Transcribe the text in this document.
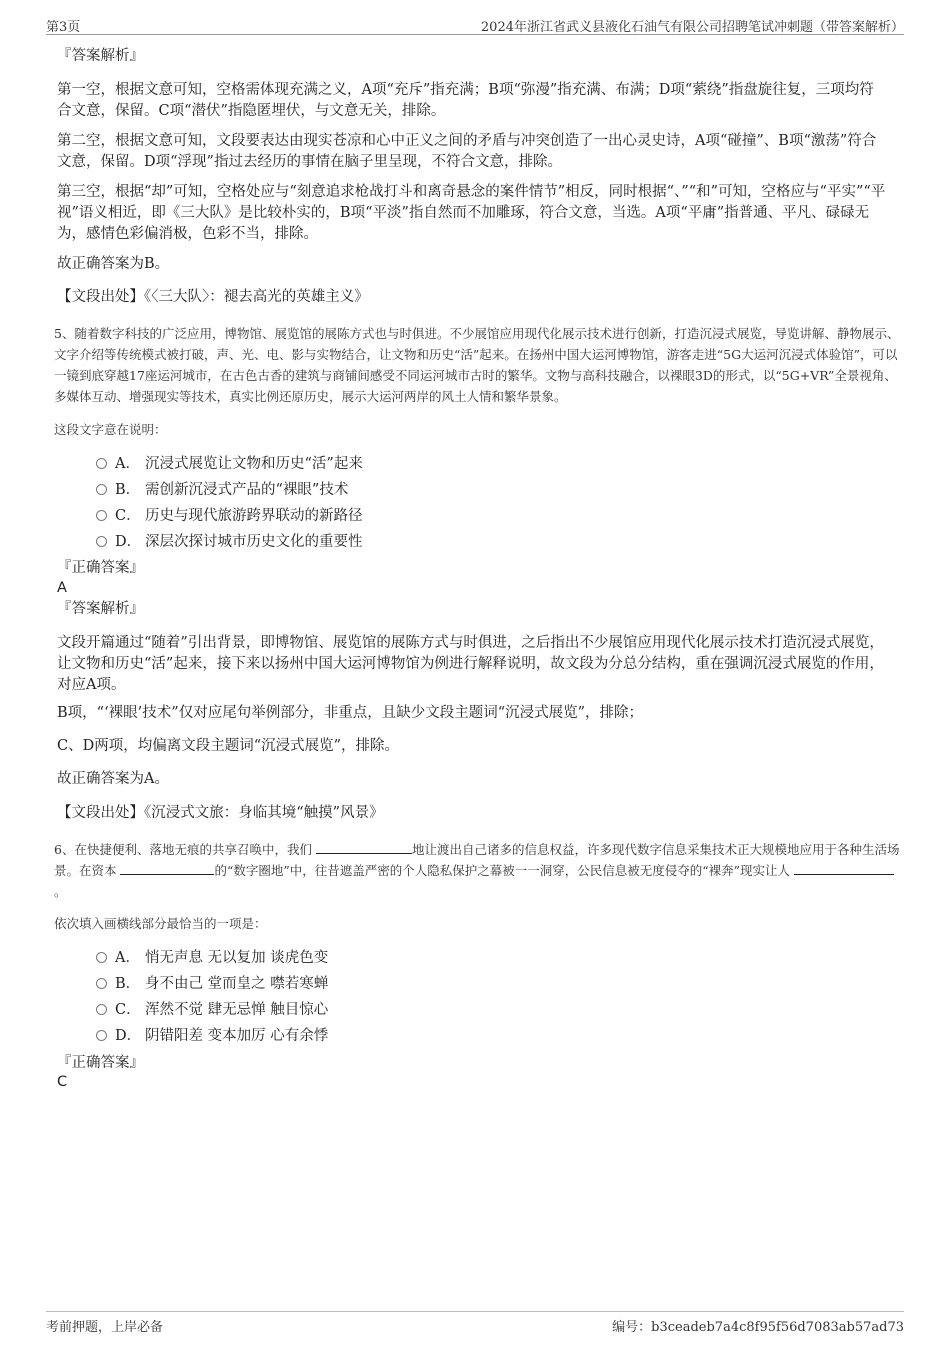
第3页	2024年浙江省武义县液化石油气有限公司招聘笔试冲刺题（带答案解析）
『答案解析』
第一空，根据文意可知，空格需体现充满之义，A项“充斥”指充满；B项“弥漫”指充满、布满；D项“萦绕”指盘旋往复，三项均符合文意，保留。C项“潜伏”指隐匿埋伏，与文意无关，排除。
第二空，根据文意可知，文段要表达由现实苍凉和心中正义之间的矛盾与冲突创造了一出心灵史诗，A项“碰撞”、B项“激荡”符合文意，保留。D项“浮现”指过去经历的事情在脑子里呈现，不符合文意，排除。
第三空，根据“却”可知，空格处应与“刻意追求枪战打斗和离奇悬念的案件情节”相反，同时根据“、”“和”可知，空格应与“平实”“平视”语义相近，即《三大队》是比较朴实的，B项“平淡”指自然而不加雕琢，符合文意，当选。A项“平庸”指普通、平凡、碌碌无为，感情色彩偏消极，色彩不当，排除。
故正确答案为B。
【文段出处】《〈三大队〉：褪去高光的英雄主义》
5、随着数字科技的广泛应用，博物馆、展览馆的展陈方式也与时俱进。不少展馆应用现代化展示技术进行创新，打造沉浸式展览，导览讲解、静物展示、文字介绍等传统模式被打破，声、光、电、影与实物结合，让文物和历史“活”起来。在扬州中国大运河博物馆，游客走进“5G大运河沉浸式体验馆”，可以一镜到底穿越17座运河城市，在古色古香的建筑与商铺间感受不同运河城市古时的繁华。文物与高科技融合，以裸眼3D的形式，以“5G+VR”全景视角、多媒体互动、增强现实等技术，真实比例还原历史，展示大运河两岸的风土人情和繁华景象。
这段文字意在说明：
A． 沉浸式展览让文物和历史“活”起来
B． 需创新沉浸式产品的“裸眼”技术
C． 历史与现代旅游跨界联动的新路径
D． 深层次探讨城市历史文化的重要性
『正确答案』
A
『答案解析』
文段开篇通过“随着”引出背景，即博物馆、展览馆的展陈方式与时俱进，之后指出不少展馆应用现代化展示技术打造沉浸式展览，让文物和历史“活”起来，接下来以扬州中国大运河博物馆为例进行解释说明，故文段为分总分结构，重在强调沉浸式展览的作用，对应A项。
B项，“‘裸眼’技术”仅对应尾句举例部分，非重点，且缺少文段主题词“沉浸式展览”，排除；
C、D两项，均偏离文段主题词“沉浸式展览”，排除。
故正确答案为A。
【文段出处】《沉浸式文旅：身临其境“触摸”风景》
6、在快捷便利、落地无痕的共享召唤中，我们	地让渡出自己诸多的信息权益，许多现代数字信息采集技术正大规模地应用于各种生活场景。在资本	的“数字圈地”中，往昔遮盖严密的个人隐私保护之幕被一一洞穿，公民信息被无度侵夺的“裸奔”现实让人 。
依次填入画横线部分最恰当的一项是：
A． 悄无声息 无以复加 谈虎色变
B． 身不由己 堂而皇之 噤若寒蝉
C． 浑然不觉 肆无忌惮 触目惊心
D． 阴错阳差 变本加厉 心有余悸
『正确答案』
C
考前押题，上岸必备	编号：b3ceadeb7a4c8f95f56d7083ab57ad73
